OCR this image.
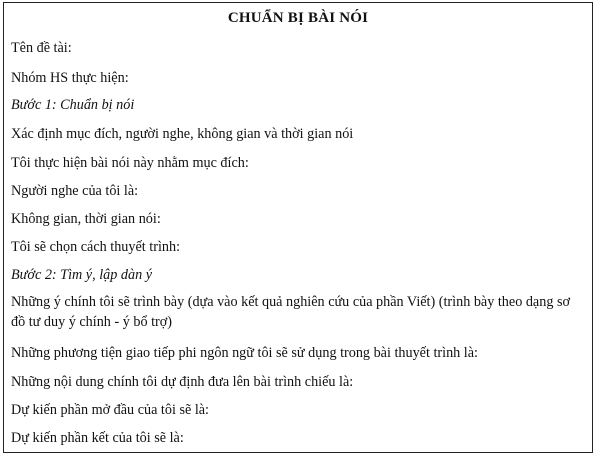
CHUẨN BỊ BÀI NÓI
Tên đề tài:
Nhóm HS thực hiện:
Bước 1: Chuẩn bị nói
Xác định mục đích, người nghe, không gian và thời gian nói
Tôi thực hiện bài nói này nhằm mục đích:
Người nghe của tôi là:
Không gian, thời gian nói:
Tôi sẽ chọn cách thuyết trình:
Bước 2: Tìm ý, lập dàn ý
Những ý chính tôi sẽ trình bày (dựa vào kết quả nghiên cứu của phần Viết) (trình bày theo dạng sơ đồ tư duy ý chính - ý bổ trợ)
Những phương tiện giao tiếp phi ngôn ngữ tôi sẽ sử dụng trong bài thuyết trình là:
Những nội dung chính tôi dự định đưa lên bài trình chiếu là:
Dự kiến phần mở đầu của tôi sẽ là:
Dự kiến phần kết của tôi sẽ là:
